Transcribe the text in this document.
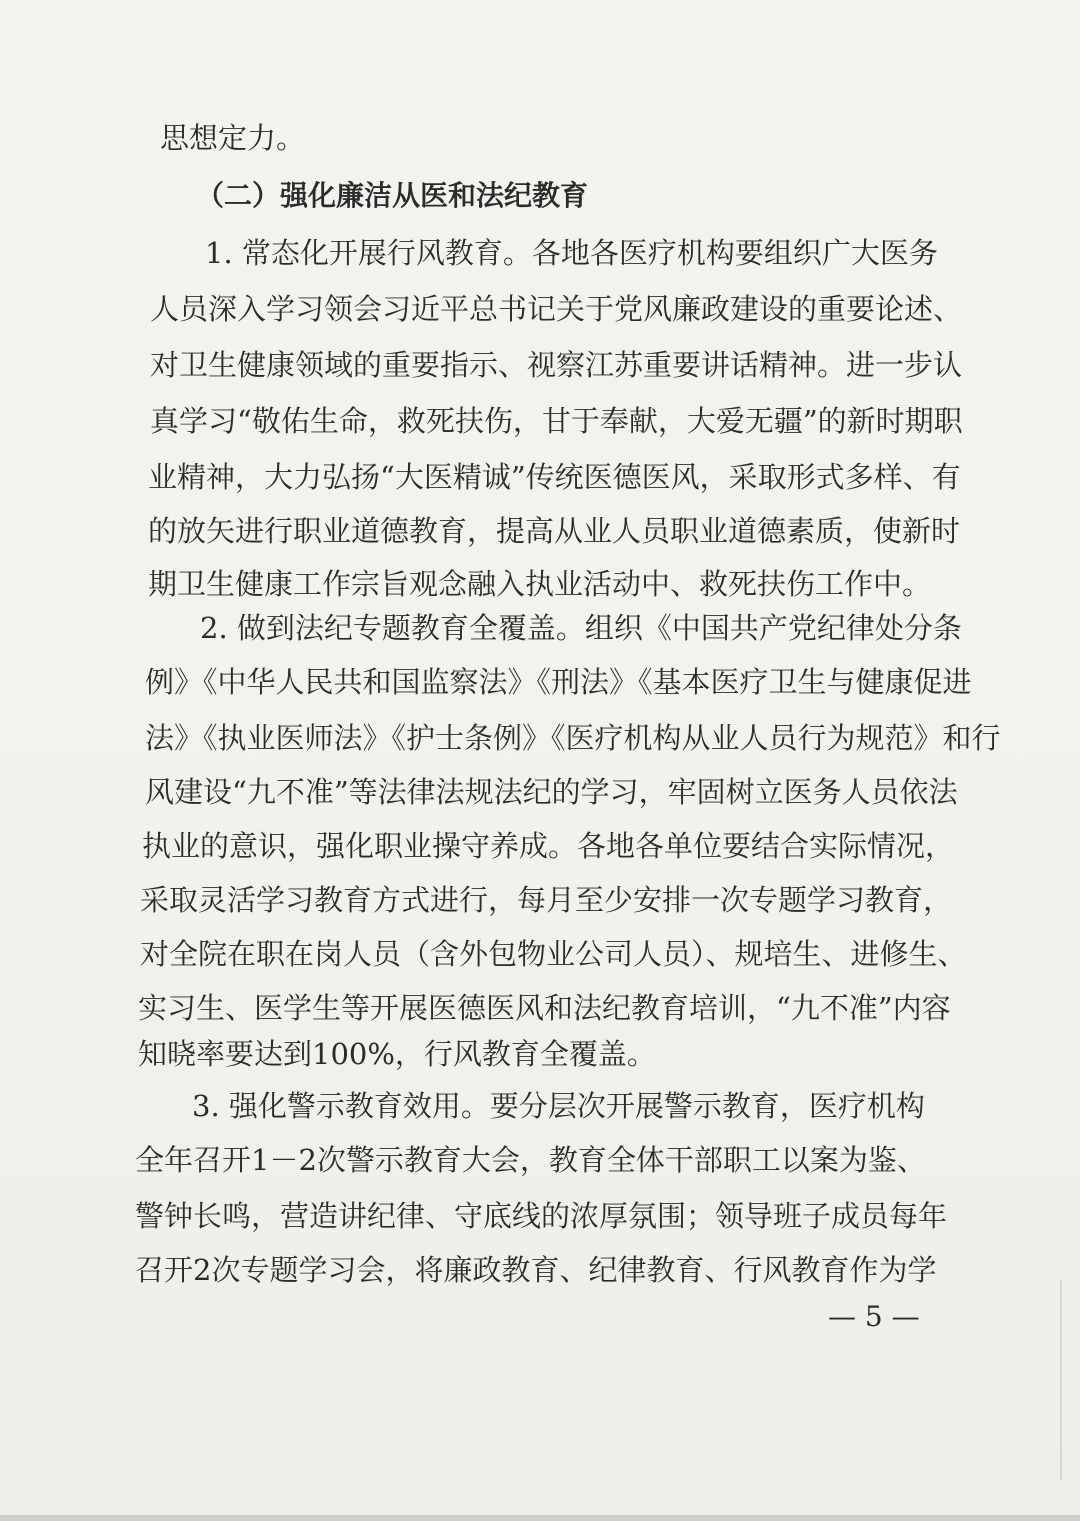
思想定力。
（二）强化廉洁从医和法纪教育
1. 常态化开展行风教育。各地各医疗机构要组织广大医务
人员深入学习领会习近平总书记关于党风廉政建设的重要论述、
对卫生健康领域的重要指示、视察江苏重要讲话精神。进一步认
真学习“敬佑生命，救死扶伤，甘于奉献，大爱无疆”的新时期职
业精神，大力弘扬“大医精诚”传统医德医风，采取形式多样、有
的放矢进行职业道德教育，提高从业人员职业道德素质，使新时
期卫生健康工作宗旨观念融入执业活动中、救死扶伤工作中。
2. 做到法纪专题教育全覆盖。组织《中国共产党纪律处分条
例》《中华人民共和国监察法》《刑法》《基本医疗卫生与健康促进
法》《执业医师法》《护士条例》《医疗机构从业人员行为规范》和行
风建设“九不准”等法律法规法纪的学习，牢固树立医务人员依法
执业的意识，强化职业操守养成。各地各单位要结合实际情况，
采取灵活学习教育方式进行，每月至少安排一次专题学习教育，
对全院在职在岗人员（含外包物业公司人员）、规培生、进修生、
实习生、医学生等开展医德医风和法纪教育培训，“九不准”内容
知晓率要达到100%，行风教育全覆盖。
3. 强化警示教育效用。要分层次开展警示教育，医疗机构
全年召开1－2次警示教育大会，教育全体干部职工以案为鉴、
警钟长鸣，营造讲纪律、守底线的浓厚氛围；领导班子成员每年
召开2次专题学习会，将廉政教育、纪律教育、行风教育作为学
— 5 —
